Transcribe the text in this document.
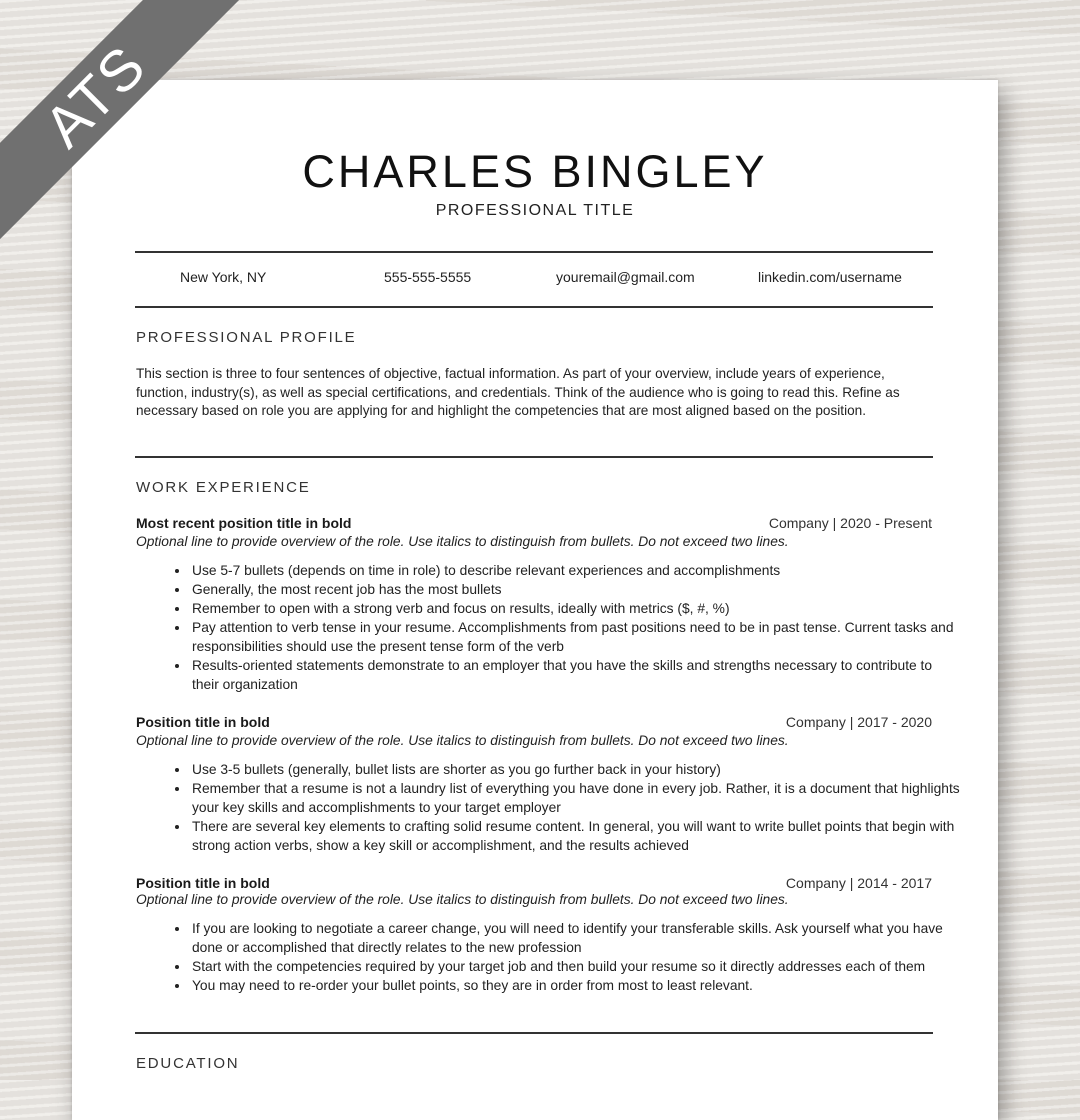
ATS
CHARLES BINGLEY
PROFESSIONAL TITLE
New York, NY	555-555-5555	youremail@gmail.com	linkedin.com/username
PROFESSIONAL PROFILE
This section is three to four sentences of objective, factual information. As part of your overview, include years of experience, function, industry(s), as well as special certifications, and credentials. Think of the audience who is going to read this. Refine as necessary based on role you are applying for and highlight the competencies that are most aligned based on the position.
WORK EXPERIENCE
Most recent position title in bold	Company | 2020 - Present
Optional line to provide overview of the role. Use italics to distinguish from bullets. Do not exceed two lines.
• Use 5-7 bullets (depends on time in role) to describe relevant experiences and accomplishments
• Generally, the most recent job has the most bullets
• Remember to open with a strong verb and focus on results, ideally with metrics ($, #, %)
• Pay attention to verb tense in your resume. Accomplishments from past positions need to be in past tense. Current tasks and responsibilities should use the present tense form of the verb
• Results-oriented statements demonstrate to an employer that you have the skills and strengths necessary to contribute to their organization
Position title in bold	Company | 2017 - 2020
Optional line to provide overview of the role. Use italics to distinguish from bullets. Do not exceed two lines.
• Use 3-5 bullets (generally, bullet lists are shorter as you go further back in your history)
• Remember that a resume is not a laundry list of everything you have done in every job. Rather, it is a document that highlights your key skills and accomplishments to your target employer
• There are several key elements to crafting solid resume content. In general, you will want to write bullet points that begin with strong action verbs, show a key skill or accomplishment, and the results achieved
Position title in bold	Company | 2014 - 2017
Optional line to provide overview of the role. Use italics to distinguish from bullets. Do not exceed two lines.
• If you are looking to negotiate a career change, you will need to identify your transferable skills. Ask yourself what you have done or accomplished that directly relates to the new profession
• Start with the competencies required by your target job and then build your resume so it directly addresses each of them
• You may need to re-order your bullet points, so they are in order from most to least relevant.
EDUCATION
